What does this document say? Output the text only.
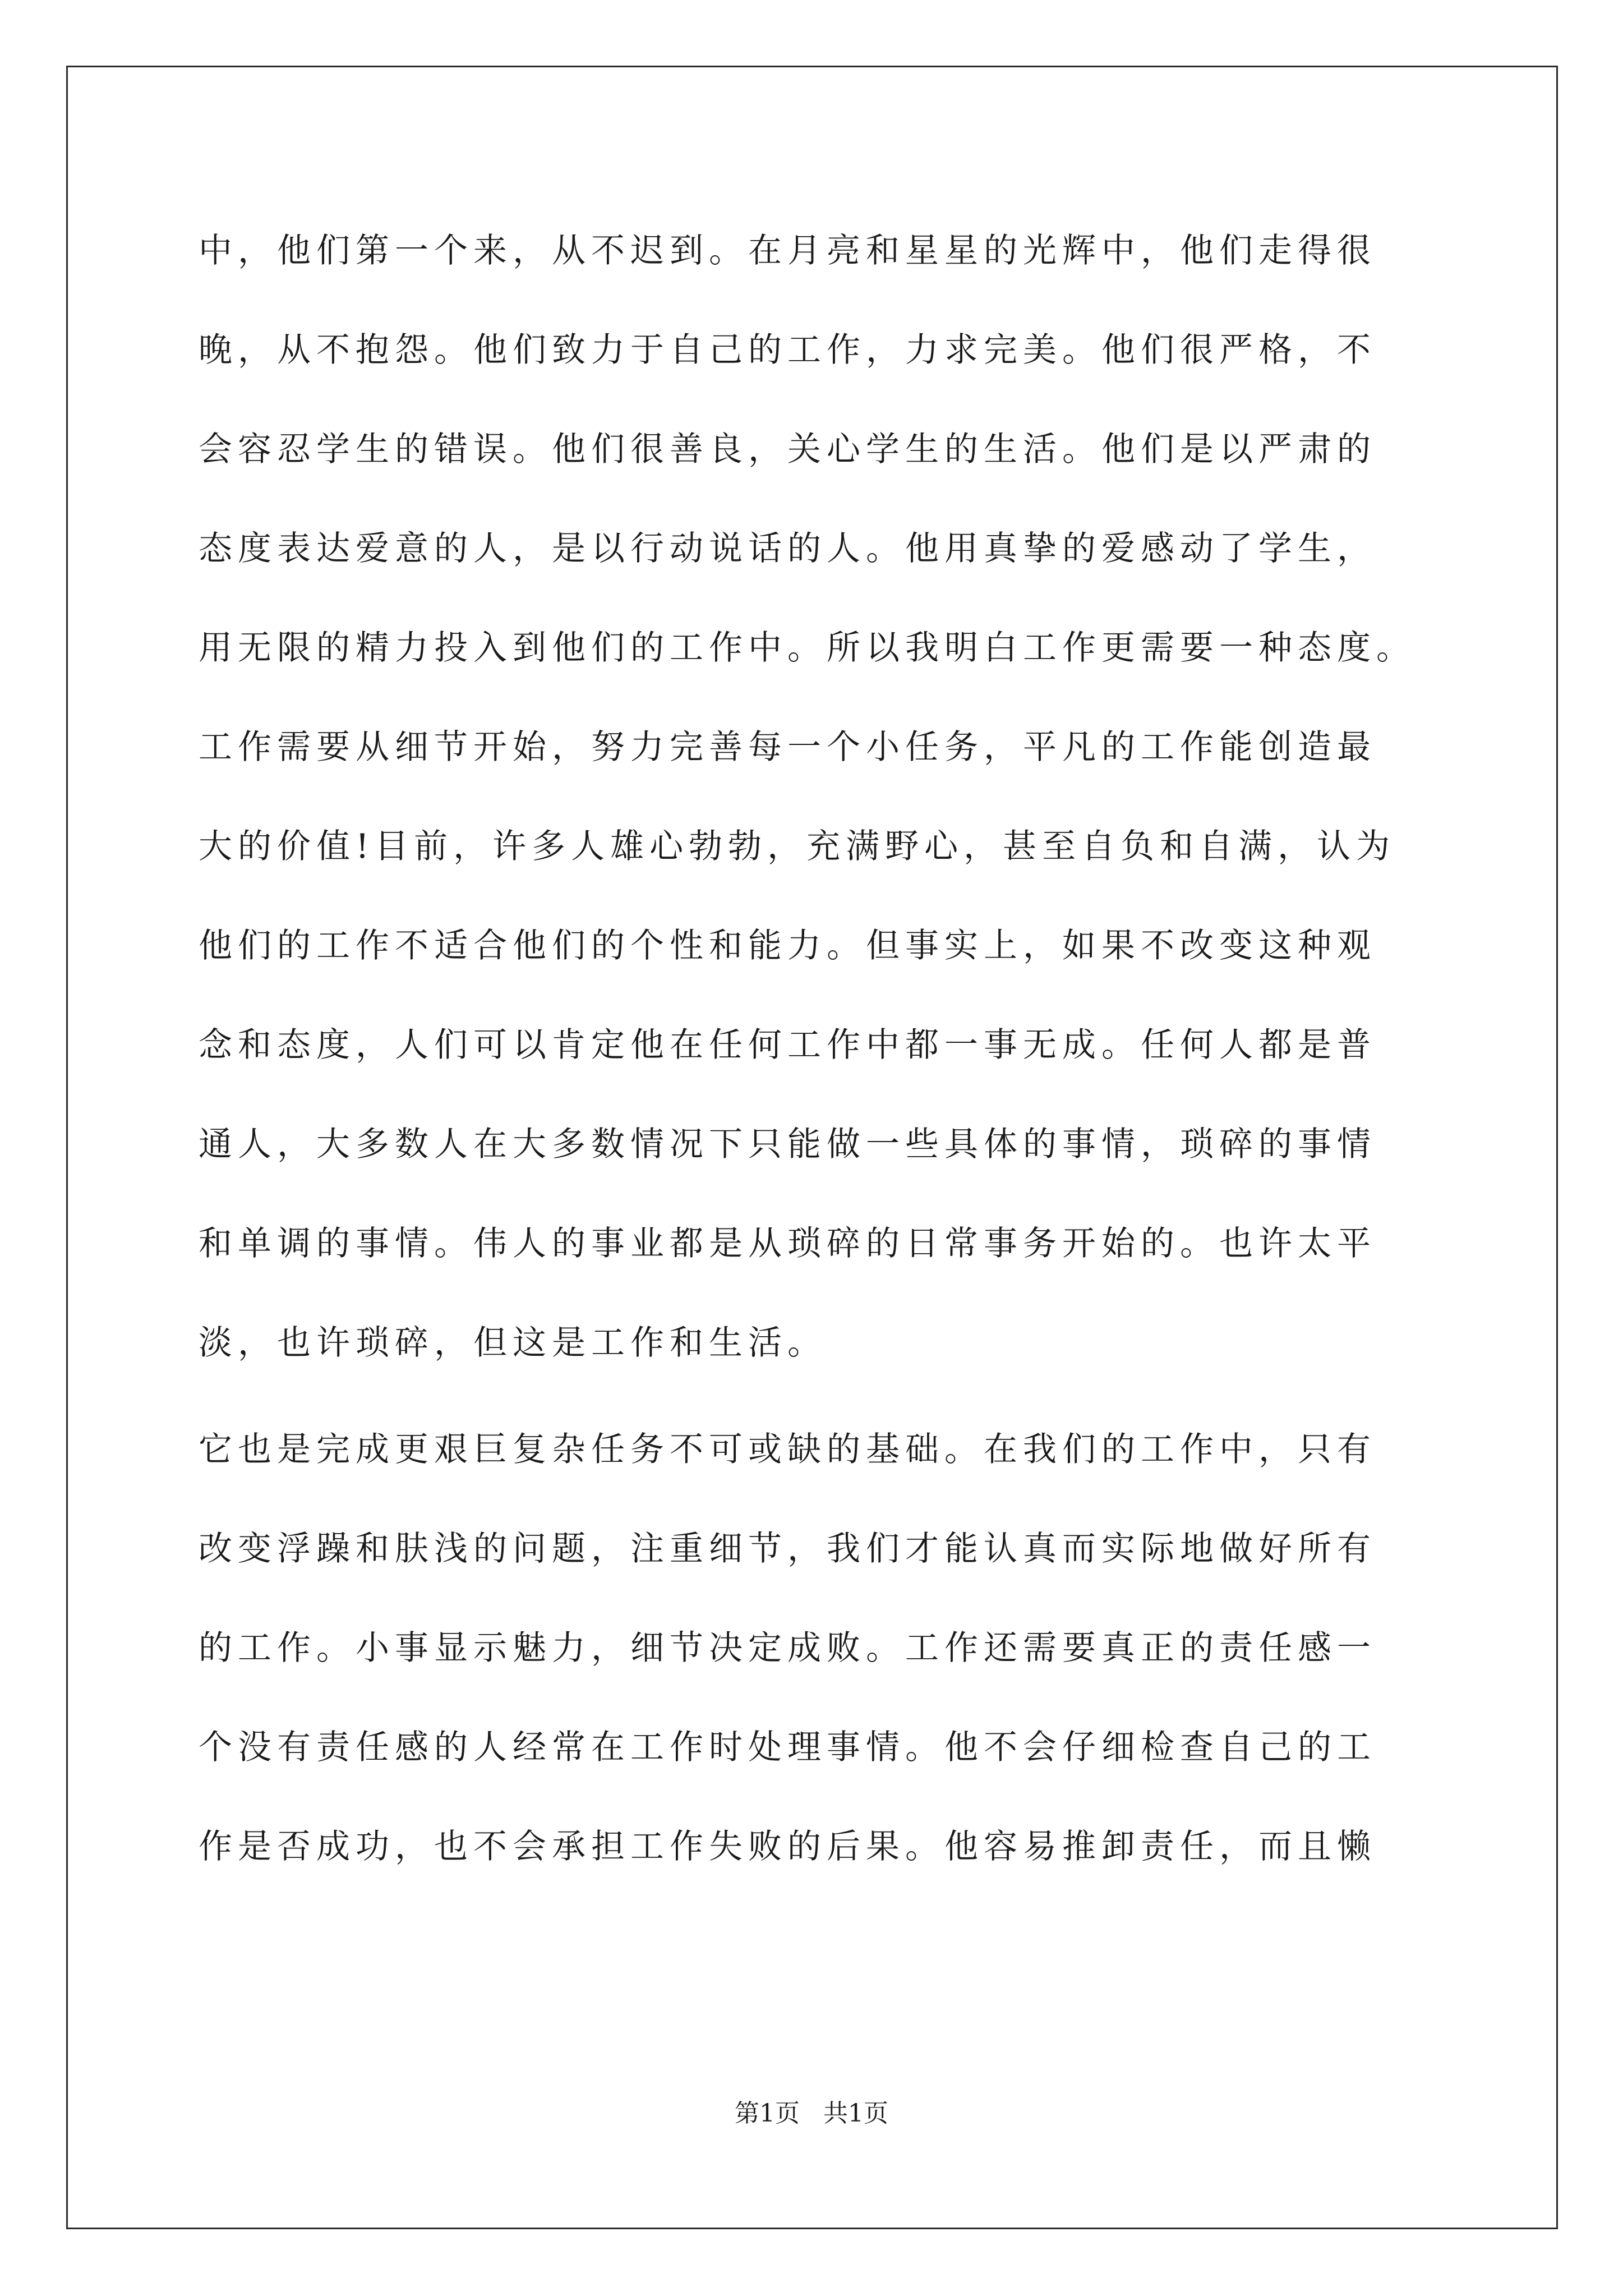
中，他们第一个来，从不迟到。在月亮和星星的光辉中，他们走得很
晚，从不抱怨。他们致力于自己的工作，力求完美。他们很严格，不
会容忍学生的错误。他们很善良，关心学生的生活。他们是以严肃的
态度表达爱意的人，是以行动说话的人。他用真挚的爱感动了学生，
用无限的精力投入到他们的工作中。所以我明白工作更需要一种态度。
工作需要从细节开始，努力完善每一个小任务，平凡的工作能创造最
大的价值!目前，许多人雄心勃勃，充满野心，甚至自负和自满，认为
他们的工作不适合他们的个性和能力。但事实上，如果不改变这种观
念和态度，人们可以肯定他在任何工作中都一事无成。任何人都是普
通人，大多数人在大多数情况下只能做一些具体的事情，琐碎的事情
和单调的事情。伟人的事业都是从琐碎的日常事务开始的。也许太平
淡，也许琐碎，但这是工作和生活。
它也是完成更艰巨复杂任务不可或缺的基础。在我们的工作中，只有
改变浮躁和肤浅的问题，注重细节，我们才能认真而实际地做好所有
的工作。小事显示魅力，细节决定成败。工作还需要真正的责任感一
个没有责任感的人经常在工作时处理事情。他不会仔细检查自己的工
作是否成功，也不会承担工作失败的后果。他容易推卸责任，而且懒
第1页 共1页
